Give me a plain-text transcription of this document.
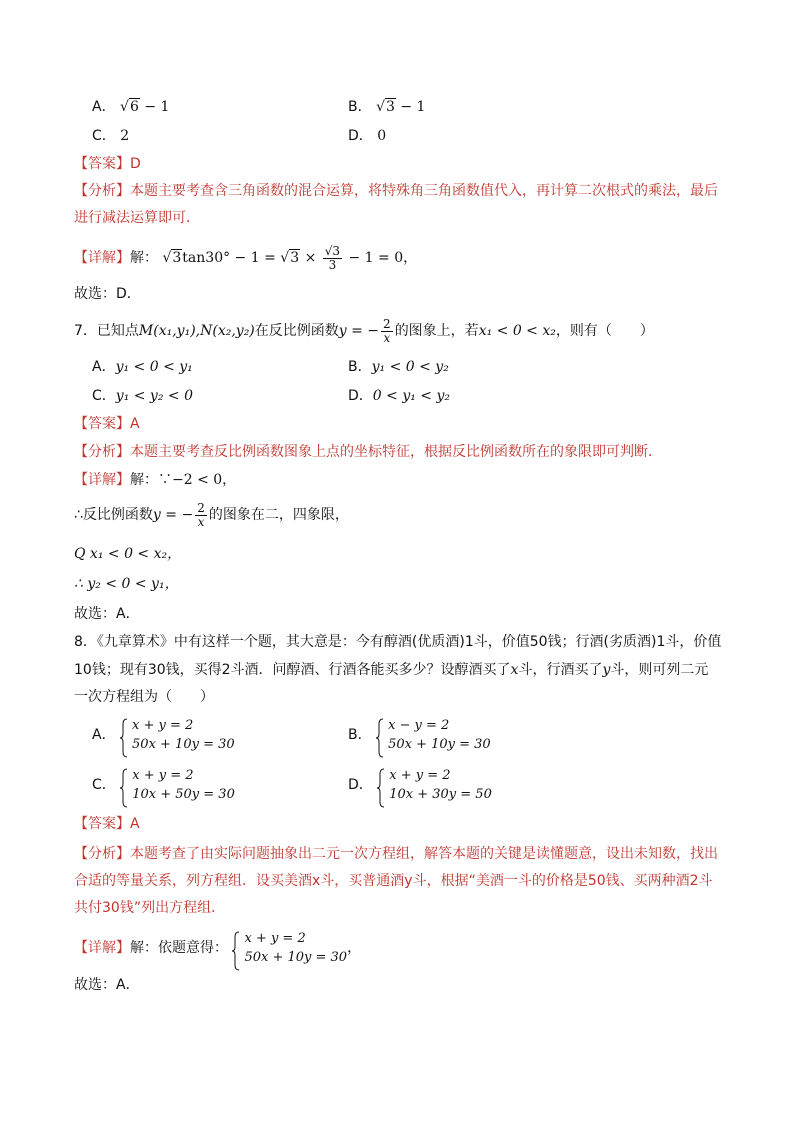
A． √6 − 1	B． √3 − 1
C． 2	D． 0
【答案】D
【分析】本题主要考查含三角函数的混合运算，将特殊角三角函数值代入，再计算二次根式的乘法，最后
进行减法运算即可．
【详解】解： $√3\tan 30^\circ - 1 = √3 \times \frac{√3}{3} - 1 = 0$，
故选：D．
7．已知点M(x₁,y₁),N(x₂,y₂)在反比例函数y = − $\frac{2}{x}$ 的图象上，若x₁ < 0 < x₂，则有（　　）
A．y₁ < 0 < y₁	B．y₁ < 0 < y₂
C．y₁ < y₂ < 0	D．0 < y₁ < y₂
【答案】A
【分析】本题主要考查反比例函数图象上点的坐标特征，根据反比例函数所在的象限即可判断．
【详解】解：∵−2 < 0，
∴反比例函数y = − $\frac{2}{x}$ 的图象在二，四象限，
Q x₁ < 0 < x₂，
∴ y₂ < 0 < y₁，
故选：A．
8．《九章算术》中有这样一个题，其大意是：今有醇酒(优质酒)1斗，价值50钱；行酒(劣质酒)1斗，价值
10钱；现有30钱，买得2斗酒．问醇酒、行酒各能买多少？设醇酒买了x斗，行酒买了y斗，则可列二元
一次方程组为（　　）
A．
x + y = 2
50x + 10y = 30
B．
x − y = 2
50x + 10y = 30
C．
x + y = 2
10x + 50y = 30
D．
x + y = 2
10x + 30y = 50
【答案】A
【分析】本题考查了由实际问题抽象出二元一次方程组，解答本题的关键是读懂题意，设出未知数，找出
合适的等量关系，列方程组．设买美酒x斗，买普通酒y斗，根据“美酒一斗的价格是50钱、买两种酒2斗
共付30钱”列出方程组．
【详解】解：依题意得：
x + y = 2
50x + 10y = 30
，
故选：A．
